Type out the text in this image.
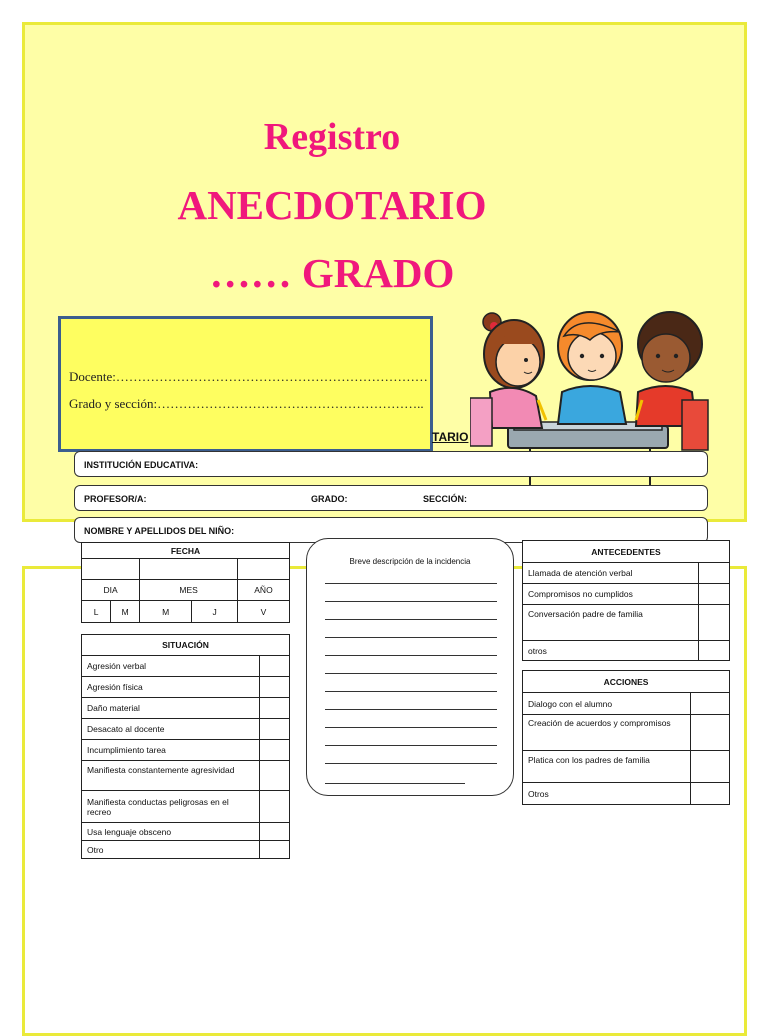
Registro
ANECDOTARIO
…… GRADO
Docente:………………………………………………………………
Grado y sección:……………………………………………………..
TARIO
INSTITUCIÓN EDUCATIVA:
PROFESOR/A:	GRADO:	SECCIÓN:
NOMBRE Y APELLIDOS DEL NIÑO:
FECHA				

DIA		MES		AÑO
L	M	M	J	V
SITUACIÓN	
Agresión verbal	
Agresión física	
Daño material	
Desacato al docente	
Incumplimiento tarea	
Manifiesta constantemente agresividad	
Manifiesta conductas peligrosas en el recreo	
Usa lenguaje obsceno	
Otro	
Breve descripción de la incidencia
ANTECEDENTES	
Llamada de atención verbal	
Compromisos no cumplidos	
Conversación padre de familia	
otros	
ACCIONES	
Dialogo con el alumno	
Creación de acuerdos y compromisos	
Platica con los padres de familia	
Otros	
